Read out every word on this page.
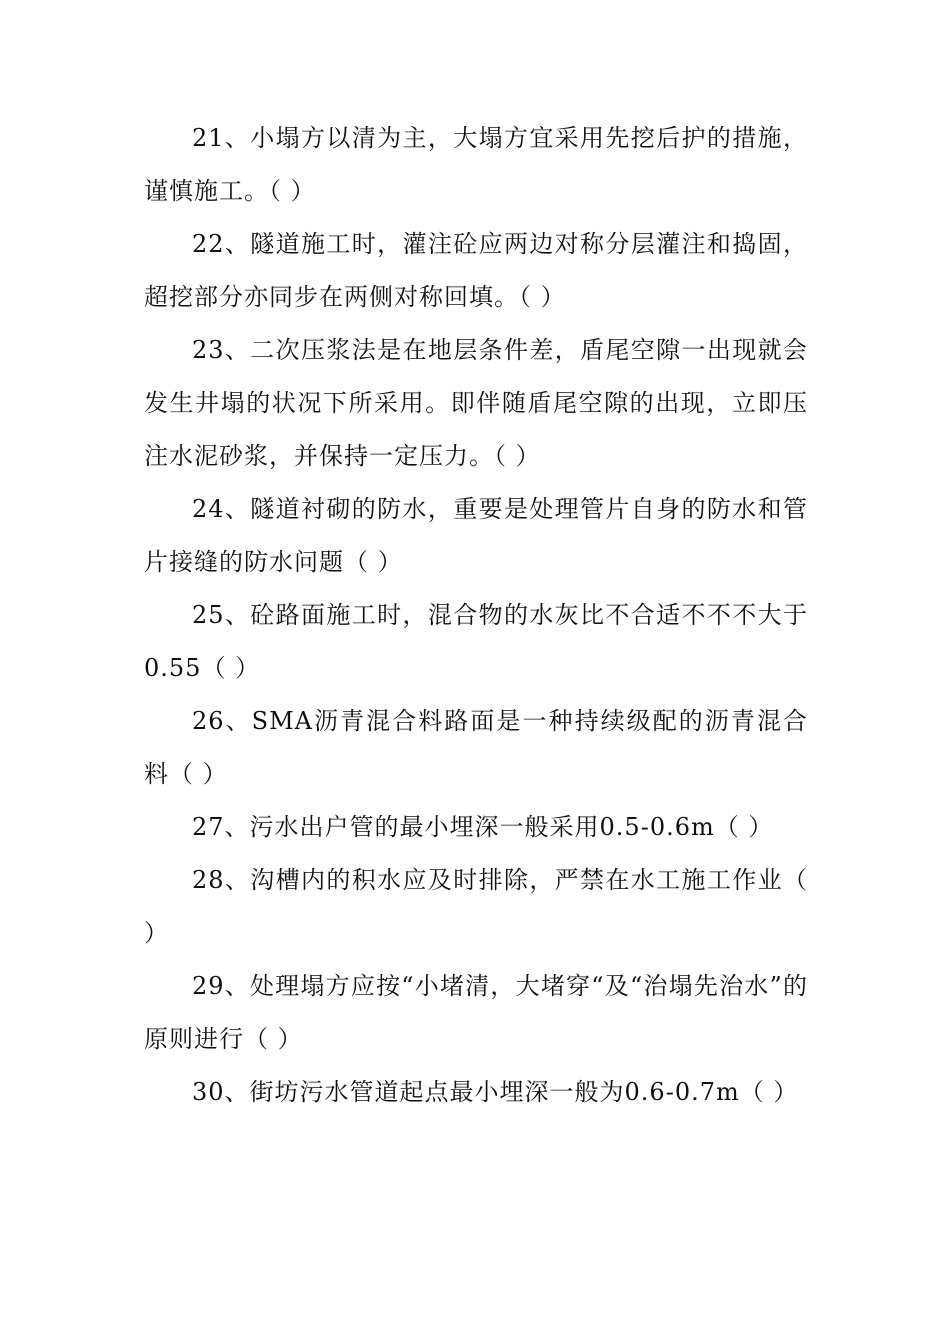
21、小塌方以清为主，大塌方宜采用先挖后护的措施，谨慎施工。（ ）

22、隧道施工时，灌注砼应两边对称分层灌注和捣固，超挖部分亦同步在两侧对称回填。（ ）

23、二次压浆法是在地层条件差，盾尾空隙一出现就会发生井塌的状况下所采用。即伴随盾尾空隙的出现，立即压注水泥砂浆，并保持一定压力。（ ）

24、隧道衬砌的防水，重要是处理管片自身的防水和管片接缝的防水问题（ ）

25、砼路面施工时，混合物的水灰比不合适不不不大于0.55（ ）

26、SMA沥青混合料路面是一种持续级配的沥青混合料（ ）

27、污水出户管的最小埋深一般采用0.5-0.6m（ ）

28、沟槽内的积水应及时排除，严禁在水工施工作业（ ）

29、处理塌方应按“小堵清，大堵穿“及“治塌先治水”的原则进行（ ）

30、街坊污水管道起点最小埋深一般为0.6-0.7m（ ）
